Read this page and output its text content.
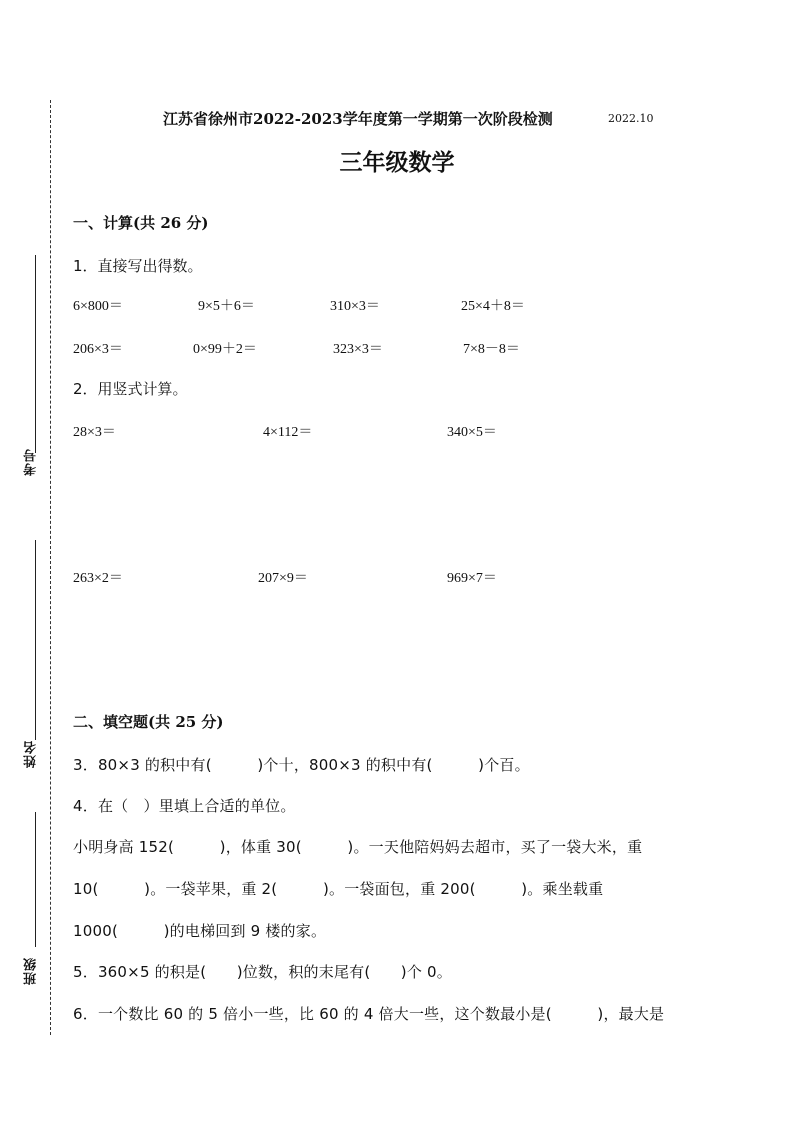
考号
姓名
班级
江苏省徐州市2022-2023学年度第一学期第一次阶段检测	2022.10
三年级数学
一、计算(共 26 分)
1．直接写出得数。
6×800＝	9×5＋6＝	310×3＝	25×4＋8＝
206×3＝	0×99＋2＝	323×3＝	7×8－8＝
2．用竖式计算。
28×3＝	4×112＝	340×5＝
263×2＝	207×9＝	969×7＝
二、填空题(共 25 分)
3．80×3 的积中有(　　　)个十，800×3 的积中有(　　　)个百。
4．在（　）里填上合适的单位。
小明身高 152(　　　)，体重 30(　　　)。一天他陪妈妈去超市，买了一袋大米，重
10(　　　)。一袋苹果，重 2(　　　)。一袋面包，重 200(　　　)。乘坐载重
1000(　　　)的电梯回到 9 楼的家。
5．360×5 的积是(　　)位数，积的末尾有(　　)个 0。
6．一个数比 60 的 5 倍小一些，比 60 的 4 倍大一些，这个数最小是(　　　)，最大是
